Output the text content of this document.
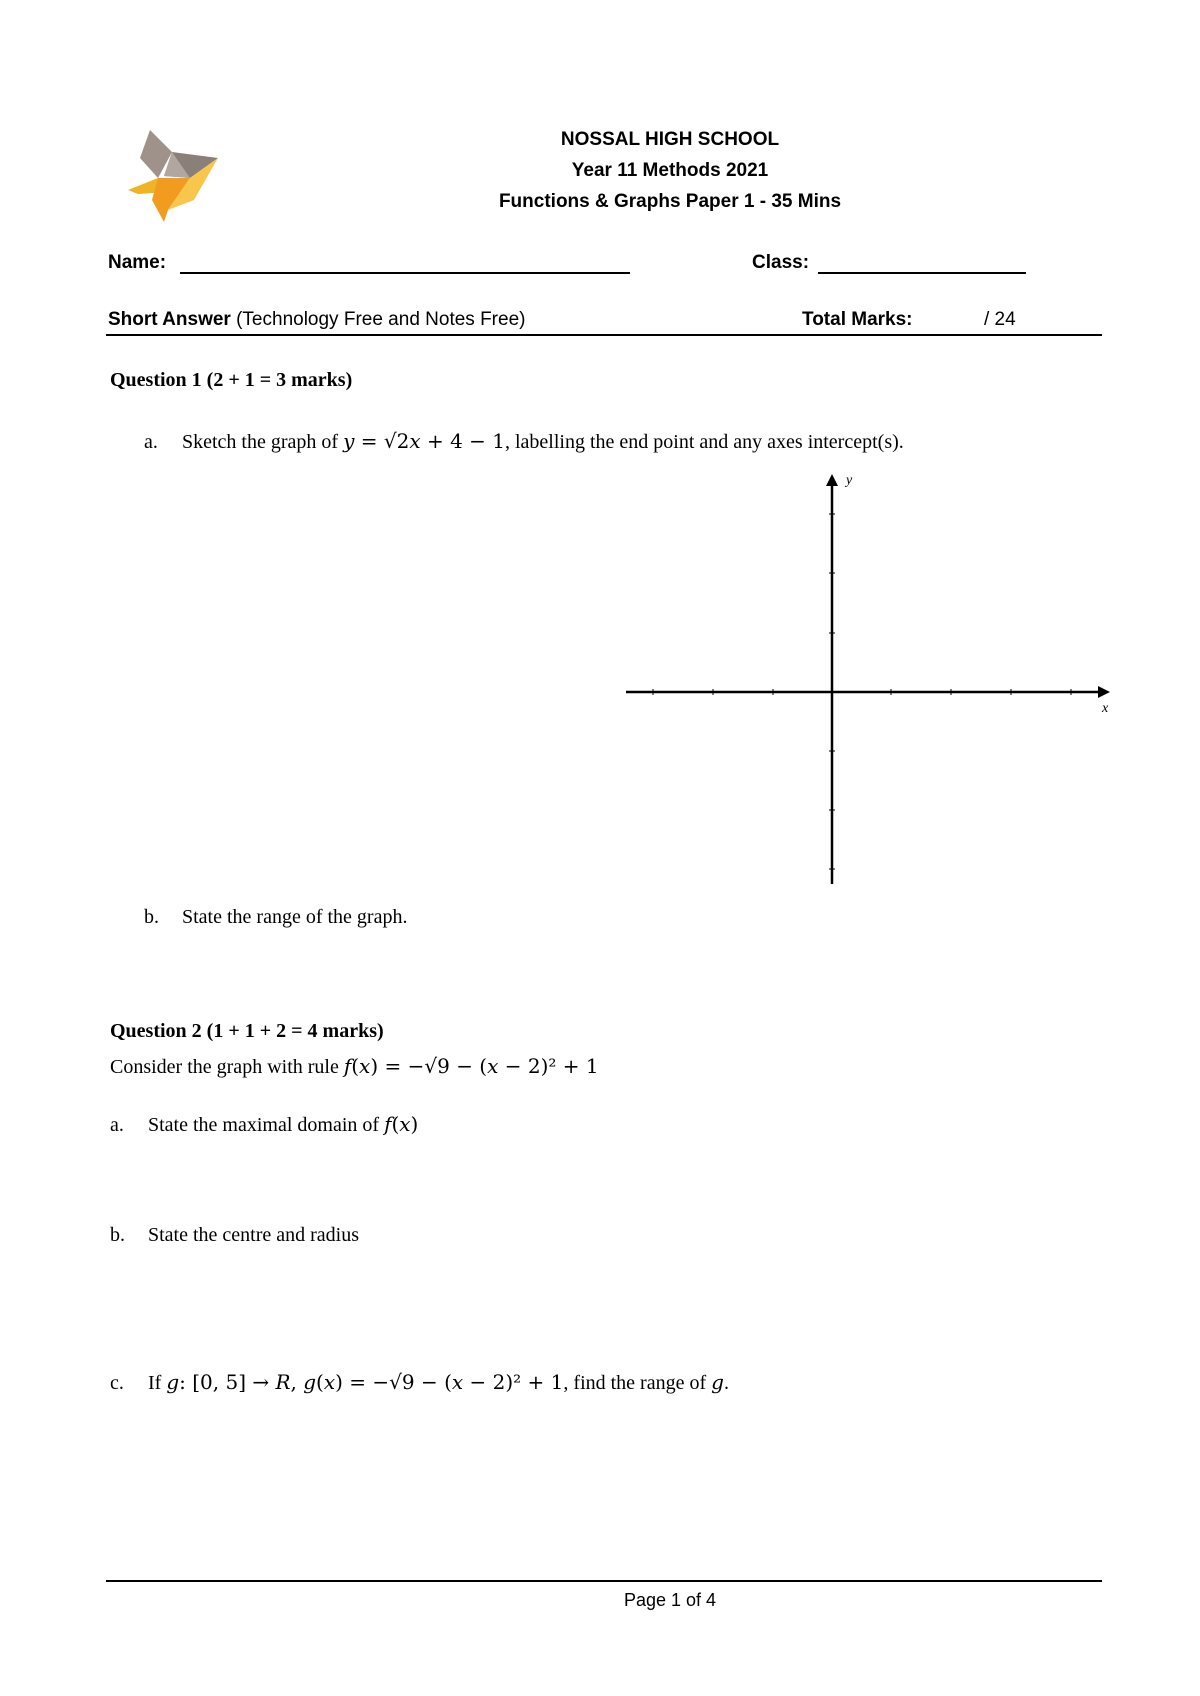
NOSSAL HIGH SCHOOL
Year 11 Methods 2021
Functions & Graphs Paper 1 - 35 Mins
Name:	Class:
Short Answer (Technology Free and Notes Free)	Total Marks:	/ 24
Question 1 (2 + 1 = 3 marks)
a. Sketch the graph of 𝑦 = √2𝑥 + 4 − 1, labelling the end point and any axes intercept(s).
x
y
b. State the range of the graph.
Question 2 (1 + 1 + 2 = 4 marks)
Consider the graph with rule 𝑓(𝑥) = −√9 − (𝑥 − 2)² + 1
a. State the maximal domain of 𝑓(𝑥)
b. State the centre and radius
c. If 𝑔: [0, 5] → 𝑅, 𝑔(𝑥) = −√9 − (𝑥 − 2)² + 1, find the range of 𝑔.
Page 1 of 4
